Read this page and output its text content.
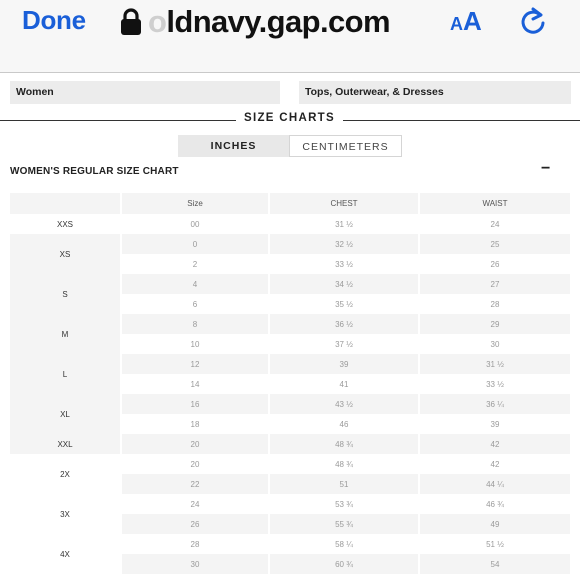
Done oldnavy.gap.com	AA
Women	Tops, Outerwear, & Dresses
SIZE CHARTS
INCHES	CENTIMETERS
WOMEN'S REGULAR SIZE CHART	−
	Size	CHEST	WAIST
XXS	00	31 ½	24
XS	0	32 ½	25
	2	33 ½	26
S	4	34 ½	27
	6	35 ½	28
M	8	36 ½	29
	10	37 ½	30
L	12	39	31 ½
	14	41	33 ½
XL	16	43 ½	36 ¼
	18	46	39
XXL	20	48 ¾	42
2X	20	48 ¾	42
	22	51	44 ¼
3X	24	53 ¾	46 ¾
	26	55 ¾	49
4X	28	58 ¼	51 ½
	30	60 ¾	54
